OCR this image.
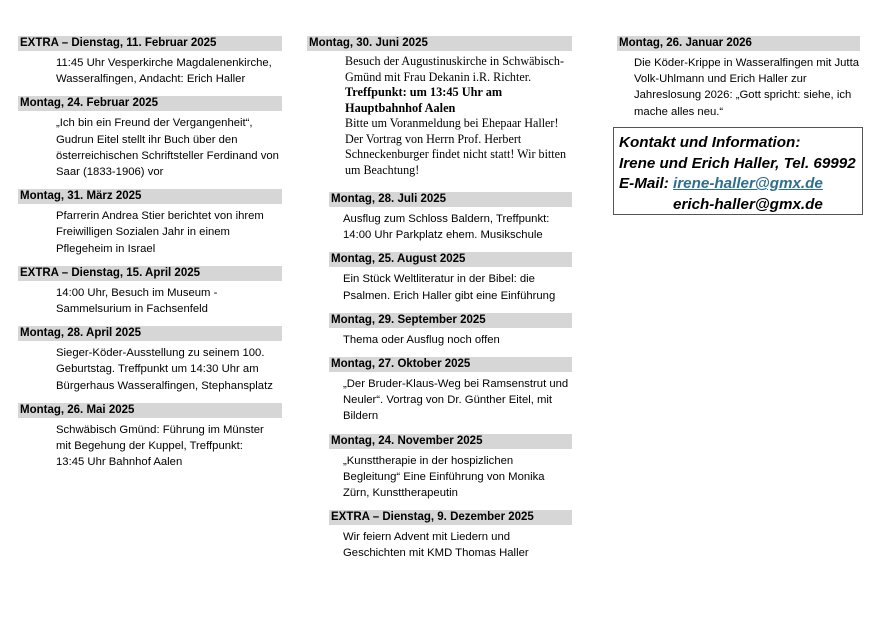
EXTRA – Dienstag, 11. Februar 2025
11:45 Uhr Vesperkirche Magdalenenkirche, Wasseralfingen, Andacht: Erich Haller
Montag, 24. Februar 2025
„Ich bin ein Freund der Vergangenheit“, Gudrun Eitel stellt ihr Buch über den österreichischen Schriftsteller Ferdinand von Saar (1833-1906) vor
Montag, 31. März 2025
Pfarrerin Andrea Stier berichtet von ihrem Freiwilligen Sozialen Jahr in einem Pflegeheim in Israel
EXTRA – Dienstag, 15. April 2025
14:00 Uhr, Besuch im Museum -Sammelsurium in Fachsenfeld
Montag, 28. April 2025
Sieger-Köder-Ausstellung zu seinem 100. Geburtstag. Treffpunkt um 14:30 Uhr am Bürgerhaus Wasseralfingen, Stephansplatz
Montag, 26. Mai 2025
Schwäbisch Gmünd: Führung im Münster mit Begehung der Kuppel, Treffpunkt: 13:45 Uhr Bahnhof Aalen
Montag, 30. Juni 2025

Besuch der Augustinuskirche in Schwäbisch-Gmünd mit Frau Dekanin i.R. Richter.

Treffpunkt: um 13:45 Uhr am Hauptbahnhof Aalen

Bitte um Voranmeldung bei Ehepaar Haller!

Der Vortrag von Herrn Prof. Herbert Schneckenburger findet nicht statt! Wir bitten um Beachtung!

Montag, 28. Juli 2025
Ausflug zum Schloss Baldern, Treffpunkt: 14:00 Uhr Parkplatz ehem. Musikschule
Montag, 25. August 2025
Ein Stück Weltliteratur in der Bibel: die Psalmen. Erich Haller gibt eine Einführung
Montag, 29. September 2025
Thema oder Ausflug noch offen
Montag, 27. Oktober 2025
„Der Bruder-Klaus-Weg bei Ramsenstrut und Neuler“. Vortrag von Dr. Günther Eitel, mit Bildern
Montag, 24. November 2025
„Kunsttherapie in der hospizlichen Begleitung“ Eine Einführung von Monika Zürn, Kunsttherapeutin
EXTRA – Dienstag, 9. Dezember 2025
Wir feiern Advent mit Liedern und Geschichten mit KMD Thomas Haller
Montag, 26. Januar 2026
Die Köder-Krippe in Wasseralfingen mit Jutta Volk-Uhlmann und Erich Haller zur Jahreslosung 2026: „Gott spricht: siehe, ich mache alles neu.“
Kontakt und Information:
Irene und Erich Haller, Tel. 69992
E-Mail: irene-haller@gmx.de
erich-haller@gmx.de
